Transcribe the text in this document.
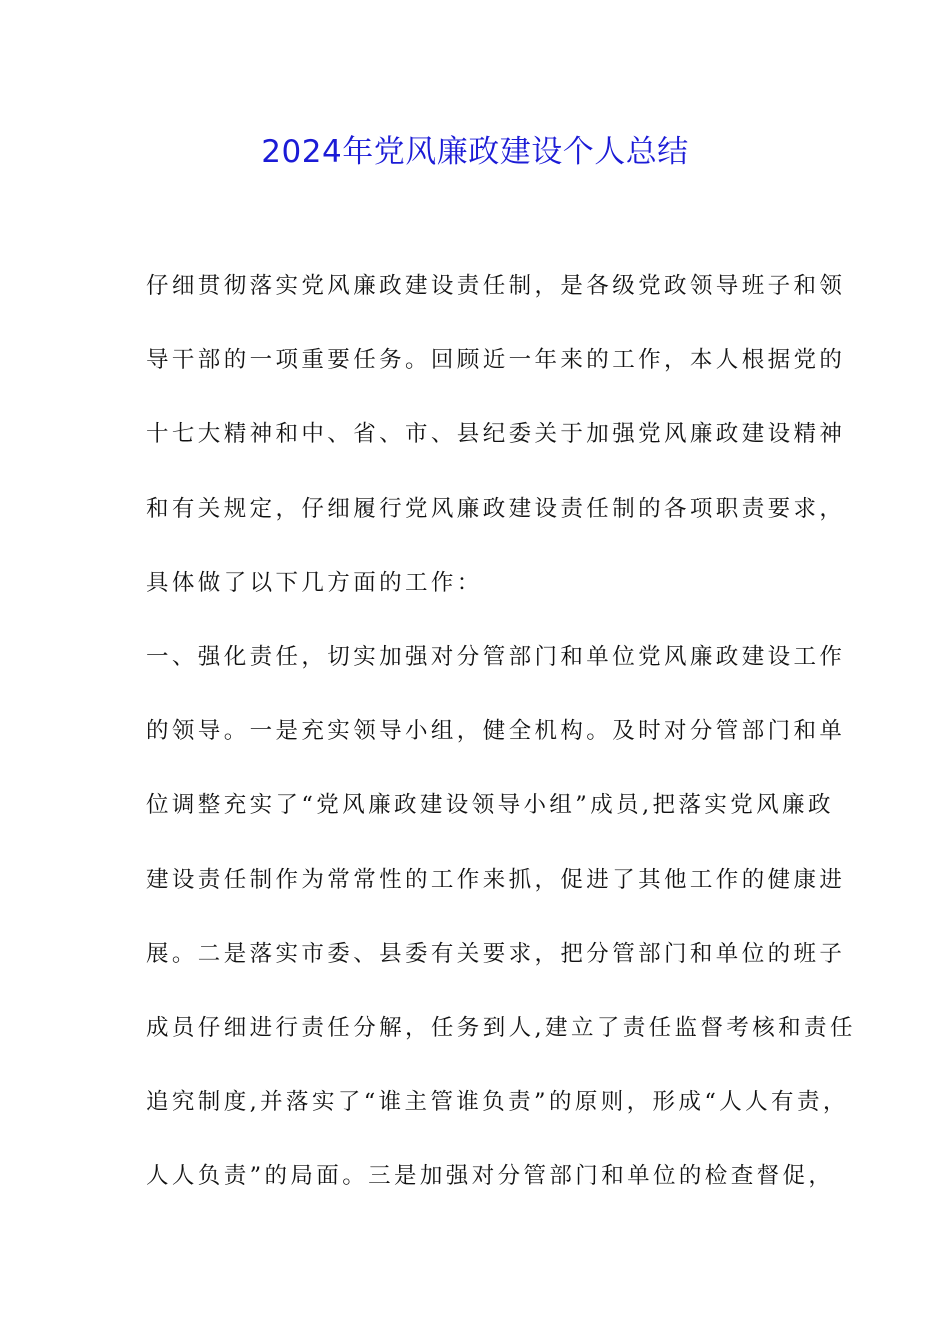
2024年党风廉政建设个人总结
仔细贯彻落实党风廉政建设责任制，是各级党政领导班子和领
导干部的一项重要任务。回顾近一年来的工作，本人根据党的
十七大精神和中、省、市、县纪委关于加强党风廉政建设精神
和有关规定，仔细履行党风廉政建设责任制的各项职责要求，
具体做了以下几方面的工作：
一、强化责任，切实加强对分管部门和单位党风廉政建设工作
的领导。一是充实领导小组，健全机构。及时对分管部门和单
位调整充实了“党风廉政建设领导小组”成员,把落实党风廉政
建设责任制作为常常性的工作来抓，促进了其他工作的健康进
展。二是落实市委、县委有关要求，把分管部门和单位的班子
成员仔细进行责任分解，任务到人,建立了责任监督考核和责任
追究制度,并落实了“谁主管谁负责”的原则，形成“人人有责，
人人负责”的局面。三是加强对分管部门和单位的检查督促，
